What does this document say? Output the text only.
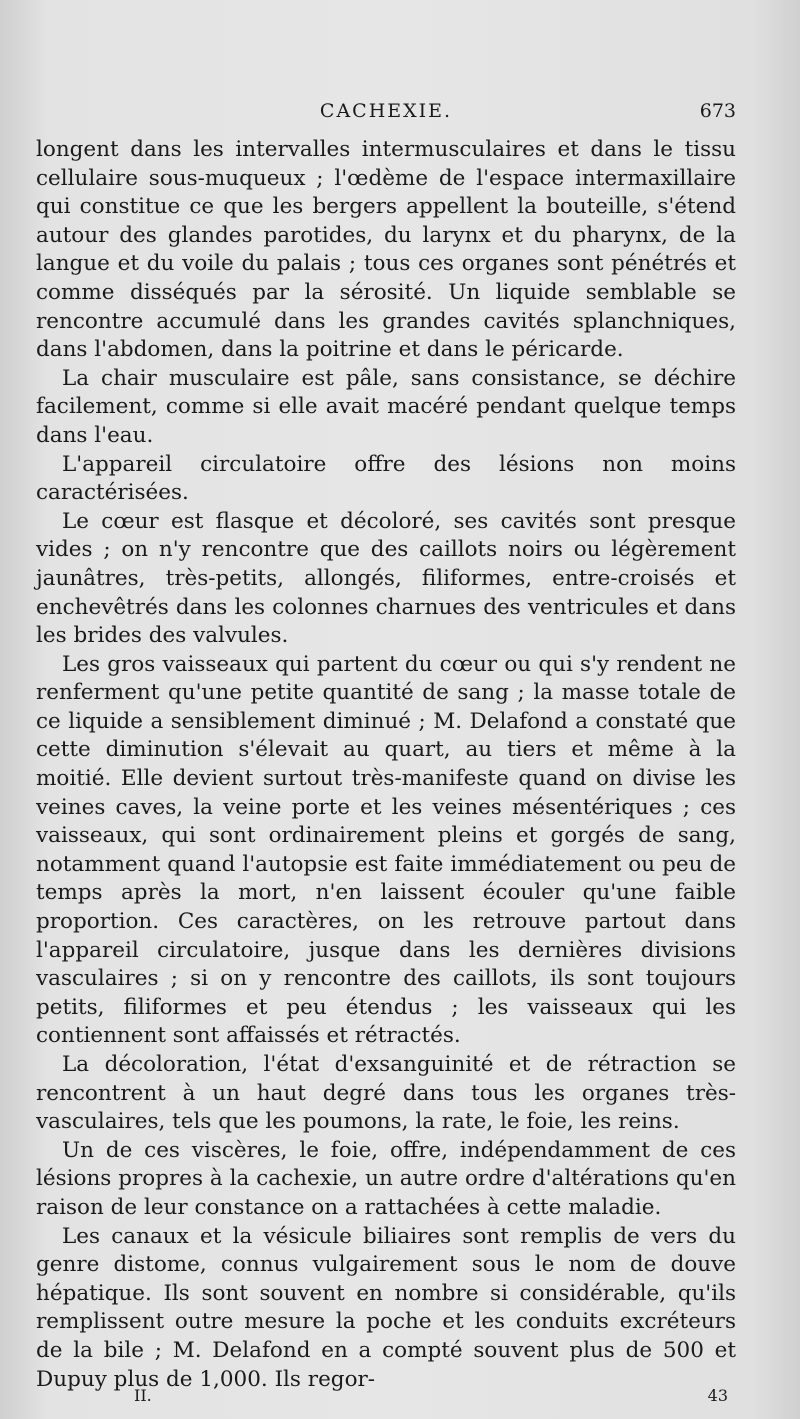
CACHEXIE.	673

longent dans les intervalles intermusculaires et dans le tissu cellulaire sous-muqueux ; l'œdème de l'espace intermaxillaire qui constitue ce que les bergers appellent la bouteille, s'étend autour des glandes parotides, du larynx et du pharynx, de la langue et du voile du palais ; tous ces organes sont pénétrés et comme disséqués par la sérosité. Un liquide semblable se rencontre accumulé dans les grandes cavités splanchniques, dans l'abdomen, dans la poitrine et dans le péricarde.

La chair musculaire est pâle, sans consistance, se déchire facilement, comme si elle avait macéré pendant quelque temps dans l'eau.

L'appareil circulatoire offre des lésions non moins caractérisées.

Le cœur est flasque et décoloré, ses cavités sont presque vides ; on n'y rencontre que des caillots noirs ou légèrement jaunâtres, très-petits, allongés, filiformes, entre-croisés et enchevêtrés dans les colonnes charnues des ventricules et dans les brides des valvules.

Les gros vaisseaux qui partent du cœur ou qui s'y rendent ne renferment qu'une petite quantité de sang ; la masse totale de ce liquide a sensiblement diminué ; M. Delafond a constaté que cette diminution s'élevait au quart, au tiers et même à la moitié. Elle devient surtout très-manifeste quand on divise les veines caves, la veine porte et les veines mésentériques ; ces vaisseaux, qui sont ordinairement pleins et gorgés de sang, notamment quand l'autopsie est faite immédiatement ou peu de temps après la mort, n'en laissent écouler qu'une faible proportion. Ces caractères, on les retrouve partout dans l'appareil circulatoire, jusque dans les dernières divisions vasculaires ; si on y rencontre des caillots, ils sont toujours petits, filiformes et peu étendus ; les vaisseaux qui les contiennent sont affaissés et rétractés.

La décoloration, l'état d'exsanguinité et de rétraction se rencontrent à un haut degré dans tous les organes très-vasculaires, tels que les poumons, la rate, le foie, les reins.

Un de ces viscères, le foie, offre, indépendamment de ces lésions propres à la cachexie, un autre ordre d'altérations qu'en raison de leur constance on a rattachées à cette maladie.

Les canaux et la vésicule biliaires sont remplis de vers du genre distome, connus vulgairement sous le nom de douve hépatique. Ils sont souvent en nombre si considérable, qu'ils remplissent outre mesure la poche et les conduits excréteurs de la bile ; M. Delafond en a compté souvent plus de 500 et Dupuy plus de 1,000. Ils regor-

II.	43
